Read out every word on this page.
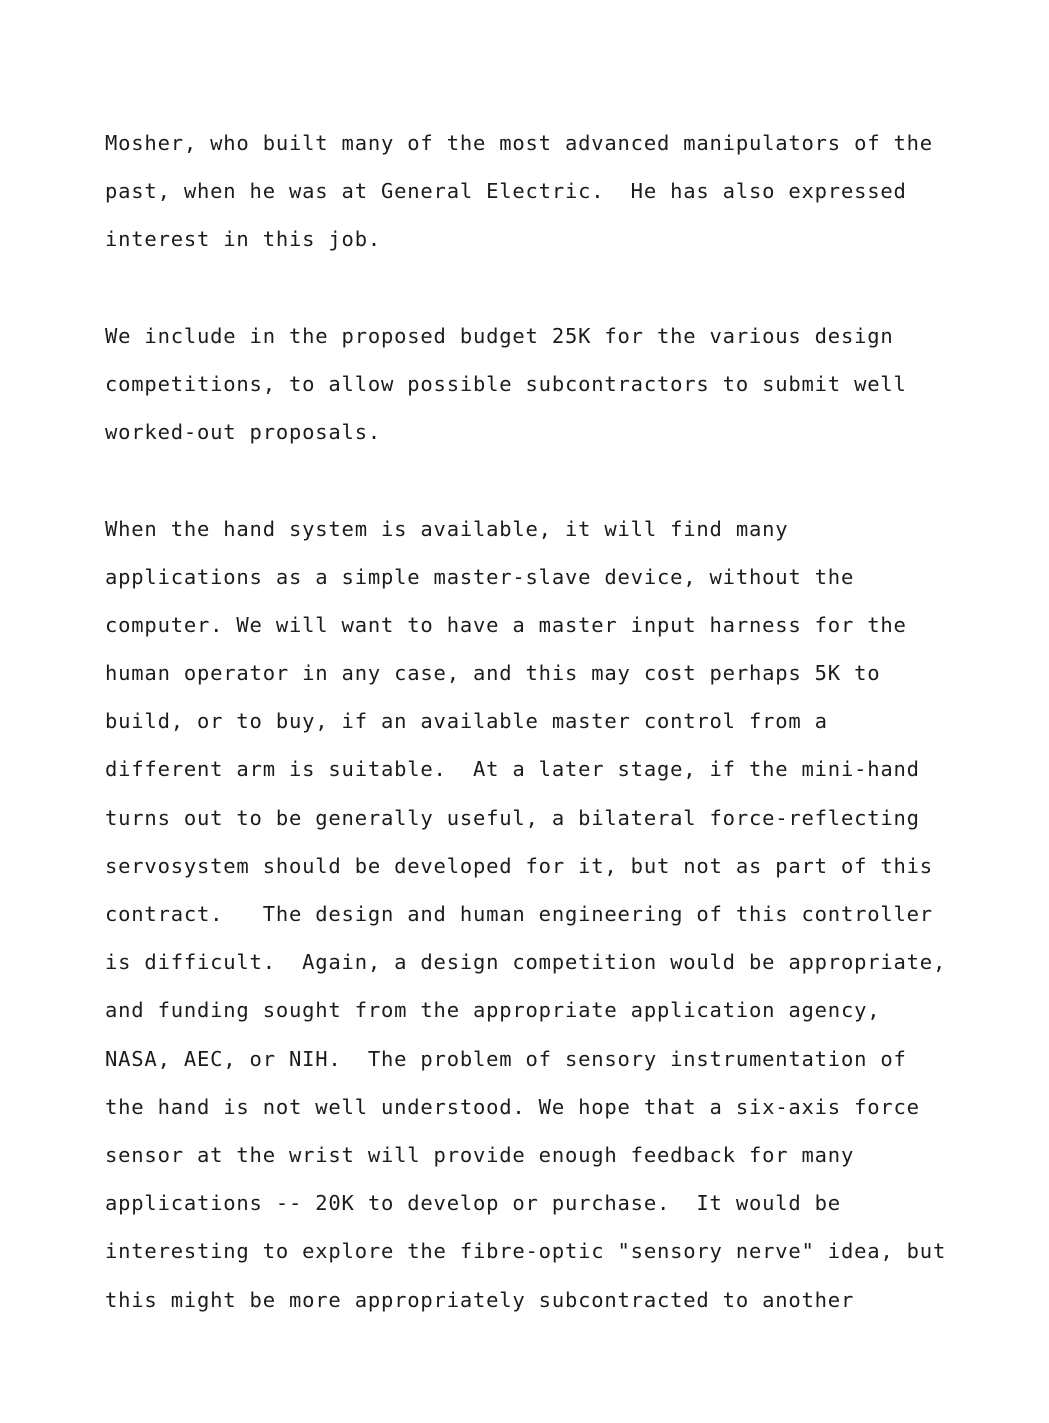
Mosher, who built many of the most advanced manipulators of the
past, when he was at General Electric.  He has also expressed
interest in this job.
We include in the proposed budget 25K for the various design
competitions, to allow possible subcontractors to submit well
worked-out proposals.
When the hand system is available, it will find many
applications as a simple master-slave device, without the
computer. We will want to have a master input harness for the
human operator in any case, and this may cost perhaps 5K to
build, or to buy, if an available master control from a
different arm is suitable.  At a later stage, if the mini-hand
turns out to be generally useful, a bilateral force-reflecting
servosystem should be developed for it, but not as part of this
contract.   The design and human engineering of this controller
is difficult.  Again, a design competition would be appropriate,
and funding sought from the appropriate application agency,
NASA, AEC, or NIH.  The problem of sensory instrumentation of
the hand is not well understood. We hope that a six-axis force
sensor at the wrist will provide enough feedback for many
applications -- 20K to develop or purchase.  It would be
interesting to explore the fibre-optic "sensory nerve" idea, but
this might be more appropriately subcontracted to another
